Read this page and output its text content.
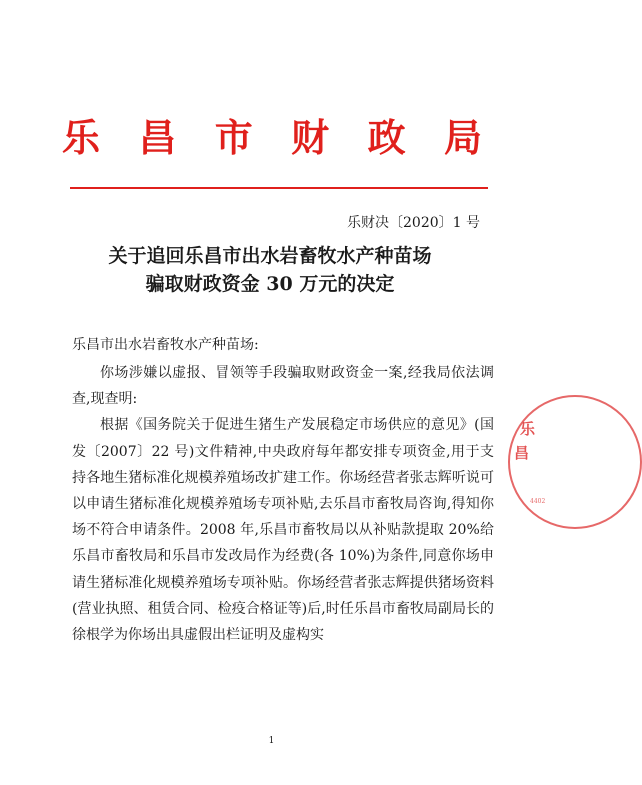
乐 昌 市 财 政 局
乐财决〔2020〕1 号
关于追回乐昌市出水岩畜牧水产种苗场
骗取财政资金 30 万元的决定
乐昌市出水岩畜牧水产种苗场:

你场涉嫌以虚报、冒领等手段骗取财政资金一案,经我局依法调查,现查明:

根据《国务院关于促进生猪生产发展稳定市场供应的意见》(国发〔2007〕22 号)文件精神,中央政府每年都安排专项资金,用于支持各地生猪标准化规模养殖场改扩建工作。你场经营者张志辉听说可以申请生猪标准化规模养殖场专项补贴,去乐昌市畜牧局咨询,得知你场不符合申请条件。2008 年,乐昌市畜牧局以从补贴款提取 20%给乐昌市畜牧局和乐昌市发改局作为经费(各 10%)为条件,同意你场申请生猪标准化规模养殖场专项补贴。你场经营者张志辉提供猪场资料(营业执照、租赁合同、检疫合格证等)后,时任乐昌市畜牧局副局长的徐根学为你场出具虚假出栏证明及虚构实

乐
昌
4402
1
